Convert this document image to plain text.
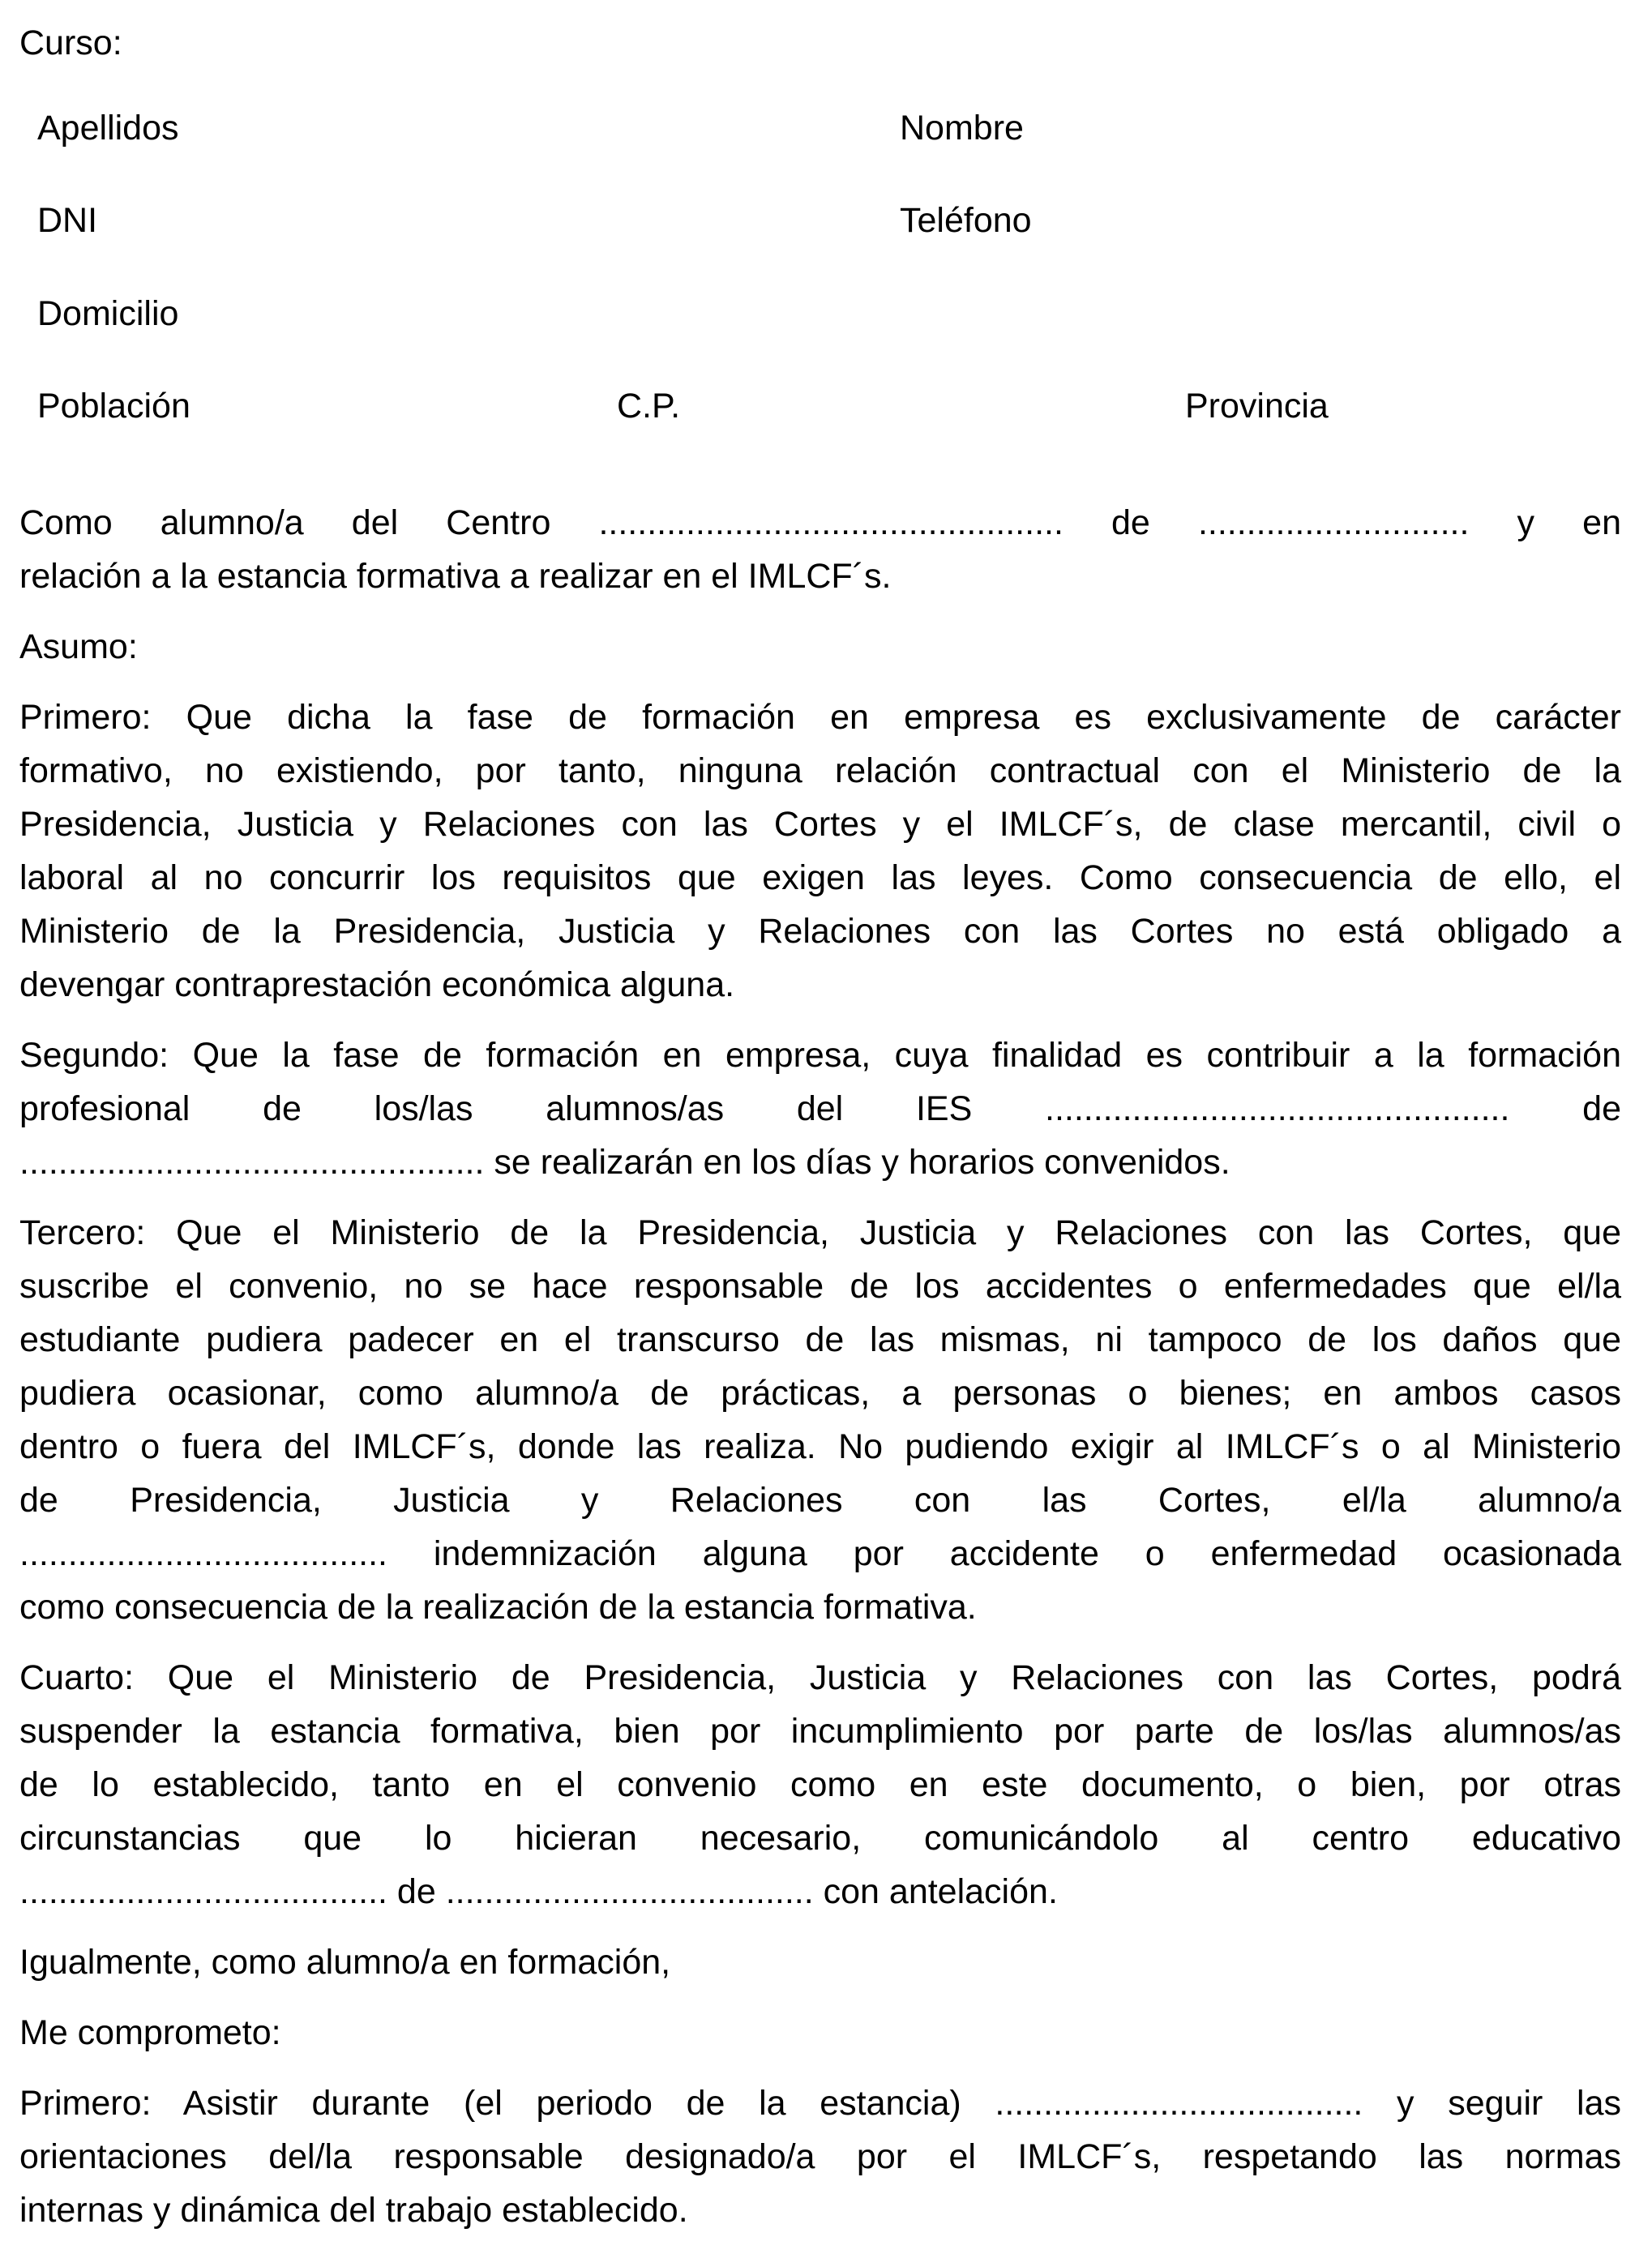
Curso:
Apellidos	Nombre
DNI	Teléfono
Domicilio
Población	C.P.	Provincia
Como alumno/a del Centro ................................................ de ............................ y en
relación a la estancia formativa a realizar en el IMLCF´s.
Asumo:
Primero: Que dicha la fase de formación en empresa es exclusivamente de carácter
formativo, no existiendo, por tanto, ninguna relación contractual con el Ministerio de la
Presidencia, Justicia y Relaciones con las Cortes y el IMLCF´s, de clase mercantil, civil o
laboral al no concurrir los requisitos que exigen las leyes. Como consecuencia de ello, el
Ministerio de la Presidencia, Justicia y Relaciones con las Cortes no está obligado a
devengar contraprestación económica alguna.
Segundo: Que la fase de formación en empresa, cuya finalidad es contribuir a la formación
profesional de los/las alumnos/as del IES ................................................ de
................................................ se realizarán en los días y horarios convenidos.
Tercero: Que el Ministerio de la Presidencia, Justicia y Relaciones con las Cortes, que
suscribe el convenio, no se hace responsable de los accidentes o enfermedades que el/la
estudiante pudiera padecer en el transcurso de las mismas, ni tampoco de los daños que
pudiera ocasionar, como alumno/a de prácticas, a personas o bienes; en ambos casos
dentro o fuera del IMLCF´s, donde las realiza. No pudiendo exigir al IMLCF´s o al Ministerio
de Presidencia, Justicia y Relaciones con las Cortes, el/la alumno/a
...................................... indemnización alguna por accidente o enfermedad ocasionada
como consecuencia de la realización de la estancia formativa.
Cuarto: Que el Ministerio de Presidencia, Justicia y Relaciones con las Cortes, podrá
suspender la estancia formativa, bien por incumplimiento por parte de los/las alumnos/as
de lo establecido, tanto en el convenio como en este documento, o bien, por otras
circunstancias que lo hicieran necesario, comunicándolo al centro educativo
...................................... de ...................................... con antelación.
Igualmente, como alumno/a en formación,
Me comprometo:
Primero: Asistir durante (el periodo de la estancia) ...................................... y seguir las
orientaciones del/la responsable designado/a por el IMLCF´s, respetando las normas
internas y dinámica del trabajo establecido.
